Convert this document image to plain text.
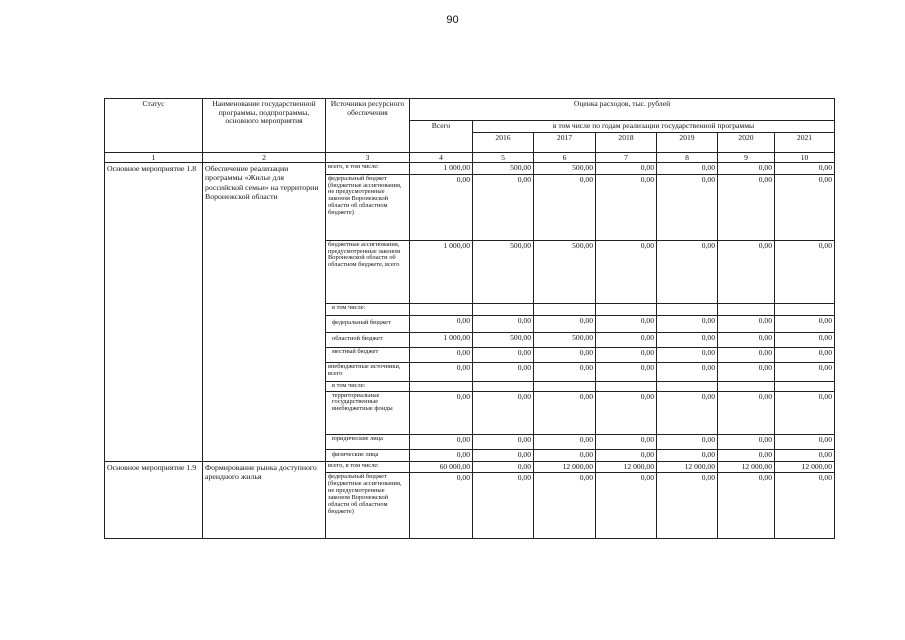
90
Статус	Наименование государственной программы, подпрограммы, основного мероприятия	Источники ресурсного обеспечения	Оценка расходов, тыс. рублей						
			Всего	в том числе по годам реализации государственной программы					
				2016	2017	2018	2019	2020	2021
1	2	3	4	5	6	7	8	9	10
Основное мероприятие 1.8	Обеспечение реализации программы «Жилье для российской семьи» на территории Воронежской области	всего, в том числе:	1 000,00	500,00	500,00	0,00	0,00	0,00	0,00
		федеральный бюджет (бюджетные ассигнования, не предусмотренные законом Воронежской области об областном бюджете)	0,00	0,00	0,00	0,00	0,00	0,00	0,00
		бюджетные ассигнования, предусмотренные законом Воронежской области об областном бюджете, всего	1 000,00	500,00	500,00	0,00	0,00	0,00	0,00
		в том числе:							
		федеральный бюджет	0,00	0,00	0,00	0,00	0,00	0,00	0,00
		областной бюджет	1 000,00	500,00	500,00	0,00	0,00	0,00	0,00
		местный бюджет	0,00	0,00	0,00	0,00	0,00	0,00	0,00
		внебюджетные источники, всего	0,00	0,00	0,00	0,00	0,00	0,00	0,00
		в том числе:							
		территориальные государственные внебюджетные фонды	0,00	0,00	0,00	0,00	0,00	0,00	0,00
		юридические лица	0,00	0,00	0,00	0,00	0,00	0,00	0,00
		физические лица	0,00	0,00	0,00	0,00	0,00	0,00	0,00
Основное мероприятие 1.9	Формирование рынка доступного арендного жилья	всего, в том числе:	60 000,00	0,00	12 000,00	12 000,00	12 000,00	12 000,00	12 000,00
		федеральный бюджет (бюджетные ассигнования, не предусмотренные законом Воронежской области об областном бюджете)	0,00	0,00	0,00	0,00	0,00	0,00	0,00
